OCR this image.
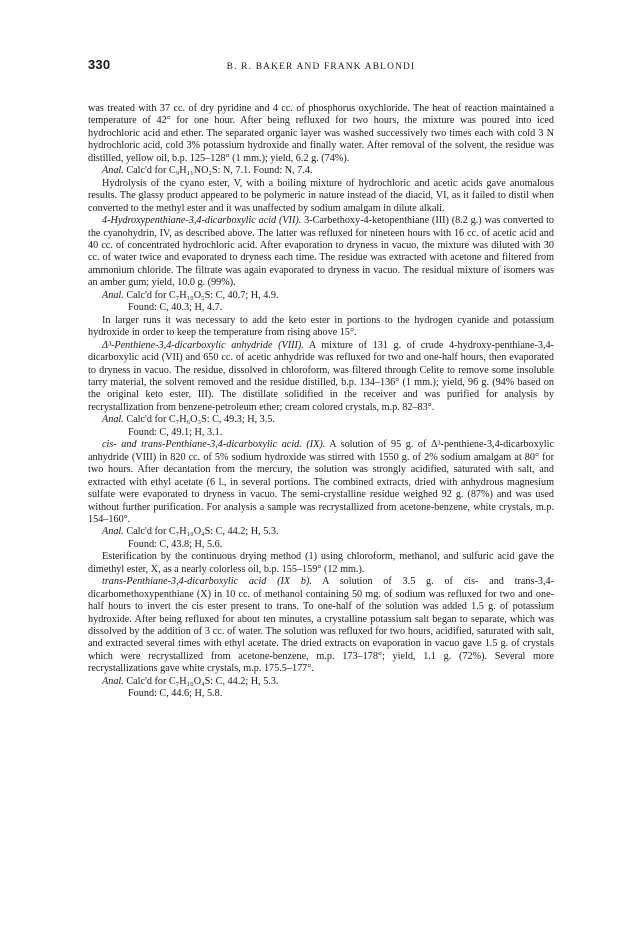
330	B. R. BAKER AND FRANK ABLONDI

was treated with 37 cc. of dry pyridine and 4 cc. of phosphorus oxychloride. The heat of reaction maintained a temperature of 42° for one hour. After being refluxed for two hours, the mixture was poured into iced hydrochloric acid and ether. The separated organic layer was washed successively two times each with cold 3 N hydrochloric acid, cold 3% potassium hydroxide and finally water. After removal of the solvent, the residue was distilled, yellow oil, b.p. 125–128° (1 mm.); yield, 6.2 g. (74%).

Anal. Calc'd for C₉H₁₁NO₂S: N, 7.1. Found: N, 7.4.

Hydrolysis of the cyano ester, V, with a boiling mixture of hydrochloric and acetic acids gave anomalous results. The glassy product appeared to be polymeric in nature instead of the diacid, VI, as it failed to distil when converted to the methyl ester and it was unaffected by sodium amalgam in dilute alkali.

4-Hydroxypenthiane-3,4-dicarboxylic acid (VII). 3-Carbethoxy-4-ketopenthiane (III) (8.2 g.) was converted to the cyanohydrin, IV, as described above. The latter was refluxed for nineteen hours with 16 cc. of acetic acid and 40 cc. of concentrated hydrochloric acid. After evaporation to dryness in vacuo, the mixture was diluted with 30 cc. of water twice and evaporated to dryness each time. The residue was extracted with acetone and filtered from ammonium chloride. The filtrate was again evaporated to dryness in vacuo. The residual mixture of isomers was an amber gum; yield, 10.0 g. (99%).

Anal. Calc'd for C₇H₁₀O₅S: C, 40.7; H, 4.9.

Found: C, 40.3; H, 4.7.

In larger runs it was necessary to add the keto ester in portions to the hydrogen cyanide and potassium hydroxide in order to keep the temperature from rising above 15°.

Δ³-Penthiene-3,4-dicarboxylic anhydride (VIII). A mixture of 131 g. of crude 4-hydroxy-penthiane-3,4-dicarboxylic acid (VII) and 650 cc. of acetic anhydride was refluxed for two and one-half hours, then evaporated to dryness in vacuo. The residue, dissolved in chloroform, was filtered through Celite to remove some insoluble tarry material, the solvent removed and the residue distilled, b.p. 134–136° (1 mm.); yield, 96 g. (94% based on the original keto ester, III). The distillate solidified in the receiver and was purified for analysis by recrystallization from benzene-petroleum ether; cream colored crystals, m.p. 82–83°.

Anal. Calc'd for C₇H₆O₃S: C, 49.3; H, 3.5.

Found: C, 49.1; H, 3.1.

cis- and trans-Penthiane-3,4-dicarboxylic acid. (IX). A solution of 95 g. of Δ³-penthiene-3,4-dicarboxylic anhydride (VIII) in 820 cc. of 5% sodium hydroxide was stirred with 1550 g. of 2% sodium amalgam at 80° for two hours. After decantation from the mercury, the solution was strongly acidified, saturated with salt, and extracted with ethyl acetate (6 l., in several portions. The combined extracts, dried with anhydrous magnesium sulfate were evaporated to dryness in vacuo. The semi-crystalline residue weighed 92 g. (87%) and was used without further purification. For analysis a sample was recrystallized from acetone-benzene, white crystals, m.p. 154–160°.

Anal. Calc'd for C₇H₁₀O₄S: C, 44.2; H, 5.3.

Found: C, 43.8; H, 5.6.

Esterification by the continuous drying method (1) using chloroform, methanol, and sulfuric acid gave the dimethyl ester, X, as a nearly colorless oil, b.p. 155–159° (12 mm.).

trans-Penthiane-3,4-dicarboxylic acid (IX b). A solution of 3.5 g. of cis- and trans-3,4-dicarbomethoxypenthiane (X) in 10 cc. of methanol containing 50 mg. of sodium was refluxed for two and one-half hours to invert the cis ester present to trans. To one-half of the solution was added 1.5 g. of potassium hydroxide. After being refluxed for about ten minutes, a crystalline potassium salt began to separate, which was dissolved by the addition of 3 cc. of water. The solution was refluxed for two hours, acidified, saturated with salt, and extracted several times with ethyl acetate. The dried extracts on evaporation in vacuo gave 1.5 g. of crystals which were recrystallized from acetone-benzene, m.p. 173–178°; yield, 1.1 g. (72%). Several more recrystallizations gave white crystals, m.p. 175.5–177°.

Anal. Calc'd for C₇H₁₀O₄S: C, 44.2; H, 5.3.

Found: C, 44.6; H, 5.8.
